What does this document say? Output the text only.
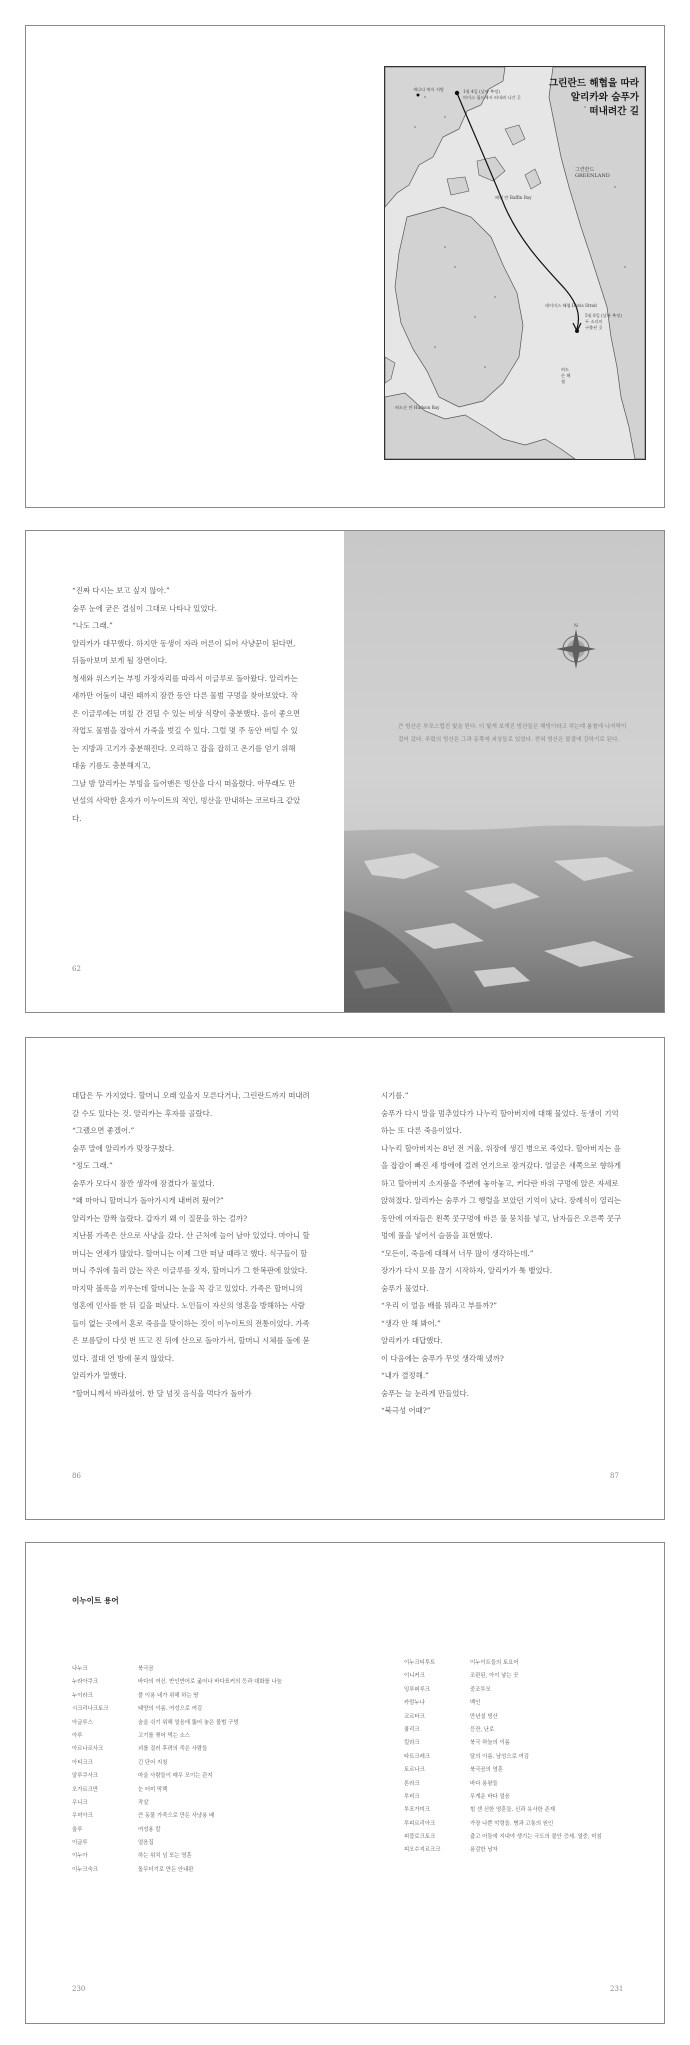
그린란드 해협을 따라
알리카와 숨푸가
떠내려간 길
캐나다 북서 지방	1월 4일 (날짜 추정)
아이스 필드에서 떠내려 나간 곳
그린란드
GREENLAND
배핀 만 Baffin Bay
데이비스 해협 Davis Strait
5월 8일 (날짜 추정)
두 소녀의
구출된 곳
허드슨 만 Hudson Bay
허드슨 해협

“진짜 다시는 보고 싶지 않아.”

숨푸 눈에 굳은 결심이 그대로 나타나 있었다.

“나도 그래.”

알리카가 대꾸했다. 하지만 동생이 자라 어른이 되어 사냥꾼이 된다면, 뒤돌아보며 보게 될 장면이다.

청새와 위스키는 부빙 가장자리를 따라서 이글루로 돌아왔다. 알리카는 새까만 어둠이 내린 때까지 잠깐 동안 다른 물범 구멍을 찾아보았다. 작은 이글루에는 며칠 간 견딜 수 있는 비상 식량이 충분했다. 음이 좋으면 작업도 물범을 잡아서 가죽을 벗길 수 있다. 그럴 몇 주 동안 버틸 수 있는 지방과 고기가 충분해진다. 오리하고 잡을 잡히고 온기를 얻기 위해 대움 기름도 충분해지고,

그날 밤 알리카는 부빙을 들어맨은 빙산을 다시 떠올렸다. 아무래도 만년설의 사막한 혼자가 이누이트의 적인, 빙산을 만내하는 코르타크 같았다.

62
N
큰 빙산은 부모스럽진 빛을 띤다. 더 빛게 보게진 빙산들은 해빙이라고 하는데 봄철에 나지막이 걸어 갔다. 푸렀의 빙산은 그과 동쪽에 괴상들로 있었다. 전혀 빙산은 물결에 강하기로 된다.

대답은 두 가지였다. 할머니 오래 있을지 모른다거나, 그린란드까지 떠내려갈 수도 있다는 것. 알리카는 후자를 골랐다.

“그랬으면 좋겠어.”

숨푸 말에 알리카가 맞장구쳤다.

“정도 그래.”

숨푸가 모다시 잠깐 생각에 잠겼다가 물었다.

“왜 마아니 할머니가 돌아가시게 내버려 뒀어?”

알리카는 깜짝 놀랐다. 갑자기 왜 이 질문을 하는 걸까?

지난봄 가족은 산으로 사냥을 갔다. 산 근처에 늘어 남아 있었다. 마아니 할머니는 연세가 많았다. 할머니는 이제 그만 떠날 때라고 했다. 식구들이 할머니 주위에 둘러 앉는 작은 이글루를 짓자, 할머니가 그 한복판에 앉았다. 마지막 볼록을 끼우는데 할머니는 눈을 꼭 감고 있었다. 가족은 할머니의 영혼에 인사를 한 뒤 길을 떠났다. 노인들이 자신의 영혼을 방해하는 사람들이 없는 곳에서 혼로 죽음을 맞이하는 것이 이누이트의 전통이었다. 가족은 보름달이 다섯 번 뜨고 진 뒤에 산으로 돌아가서, 할머니 시체를 돌에 묻었다. 절대 연 방에 묻지 않았다.

알리카가 말했다.

“할머니께서 바라셨어. 한 달 넘짓 음식을 먹다가 돌아가

시기를.”

숨푸가 다시 말을 멈추었다가 나누킥 할아버지에 대해 물었다. 동생이 기억하는 또 다른 죽음이었다.

나누킥 할아버지는 8년 전 겨울, 위장에 생긴 병으로 죽었다. 할아버지는 음을 잡감이 빠진 세 방에에 걸려 연기으로 잠겨갔다. 얼굴은 새쪽으로 향하게 하고 할아버지 소지품을 주변에 놓아놓고, 커다란 바위 구멍에 앉은 자세로 앉혀졌다. 알리카는 숨푸가 그 행렬을 보았던 기억이 났다. 장례식이 열리는 동안에 여자들은 왼쪽 콧구멍에 바른 풀 뭉치를 넣고, 남자들은 오른쪽 콧구멍에 풀을 넣어서 슬픔을 표현했다.

“모든이, 죽음에 대해서 너무 많이 생각하는데.”

장가가 다시 모를 끊기 시작하자, 알리카가 툭 뱉었다.

숨푸가 물었다.

“우리 이 얼음 배를 뭐라고 부를까?”

“생각 안 해 봐어.”

알리카가 대답했다.

이 다음에는 숨푸가 무엇 생각해 냈까?

“내가 결정해.”

숨푸는 늘 눈라게 만들었다.

“북극성 어때?”

86	87
이누이트 용어
나누크	북극곰
누라아쿠크	바다의 여신. 반인반어로 굶어나 바다표커의 등과 대화를 나눔
누이라크	풀 이용 네가 위해 하는 땅
시크리나크토크	태양의 이름. 여성으로 여김
아글루스	숨을 쉬기 위해 얼음에 뚫어 놓은 물범 구멍
아루	고기를 찢어 먹는 소스
아르나르사크	괴를 질러 후려의 죽은 사람들
아티크크	긴 단어 지칭
알루쿠사크	마을 사람들이 매우 모이는 관지
오가르크만	눈 터미 막렉
우니크	작살
우미아크	큰 동물 가죽으로 만든 사냥용 배
울루	여성용 칼
이글루	얼음집
이누아	하는 위치 넘 또는 영혼
이누크숙크	돌무더기로 만든 안내판
이누크티투트	이누이트들의 토요어
이니커크	조판된, 아이 낳는 곳
잉루퍼루크	중조투모
카맘누나	백인
코르타크	만년설 빙산
쿨리크	등잔, 난로
킬라크	북극 하늘의 이름
타트크레크	달의 이름. 남성으로 여김
토르나크	북극곰의 영혼
톤라크	바다 용왕들
투비크	무게운 바다 얼음
투포가미크	힘 센 신한 영혼들. 신과 유사한 존재
투피르리아크	가장 나쁜 악령들. 병과 고통의 원인
피블로크토크	춥고 어둠에 지내야 생기는 극도의 불안 증세. 열중, 미침
피오수지르크크	용감한 남자
230	231
